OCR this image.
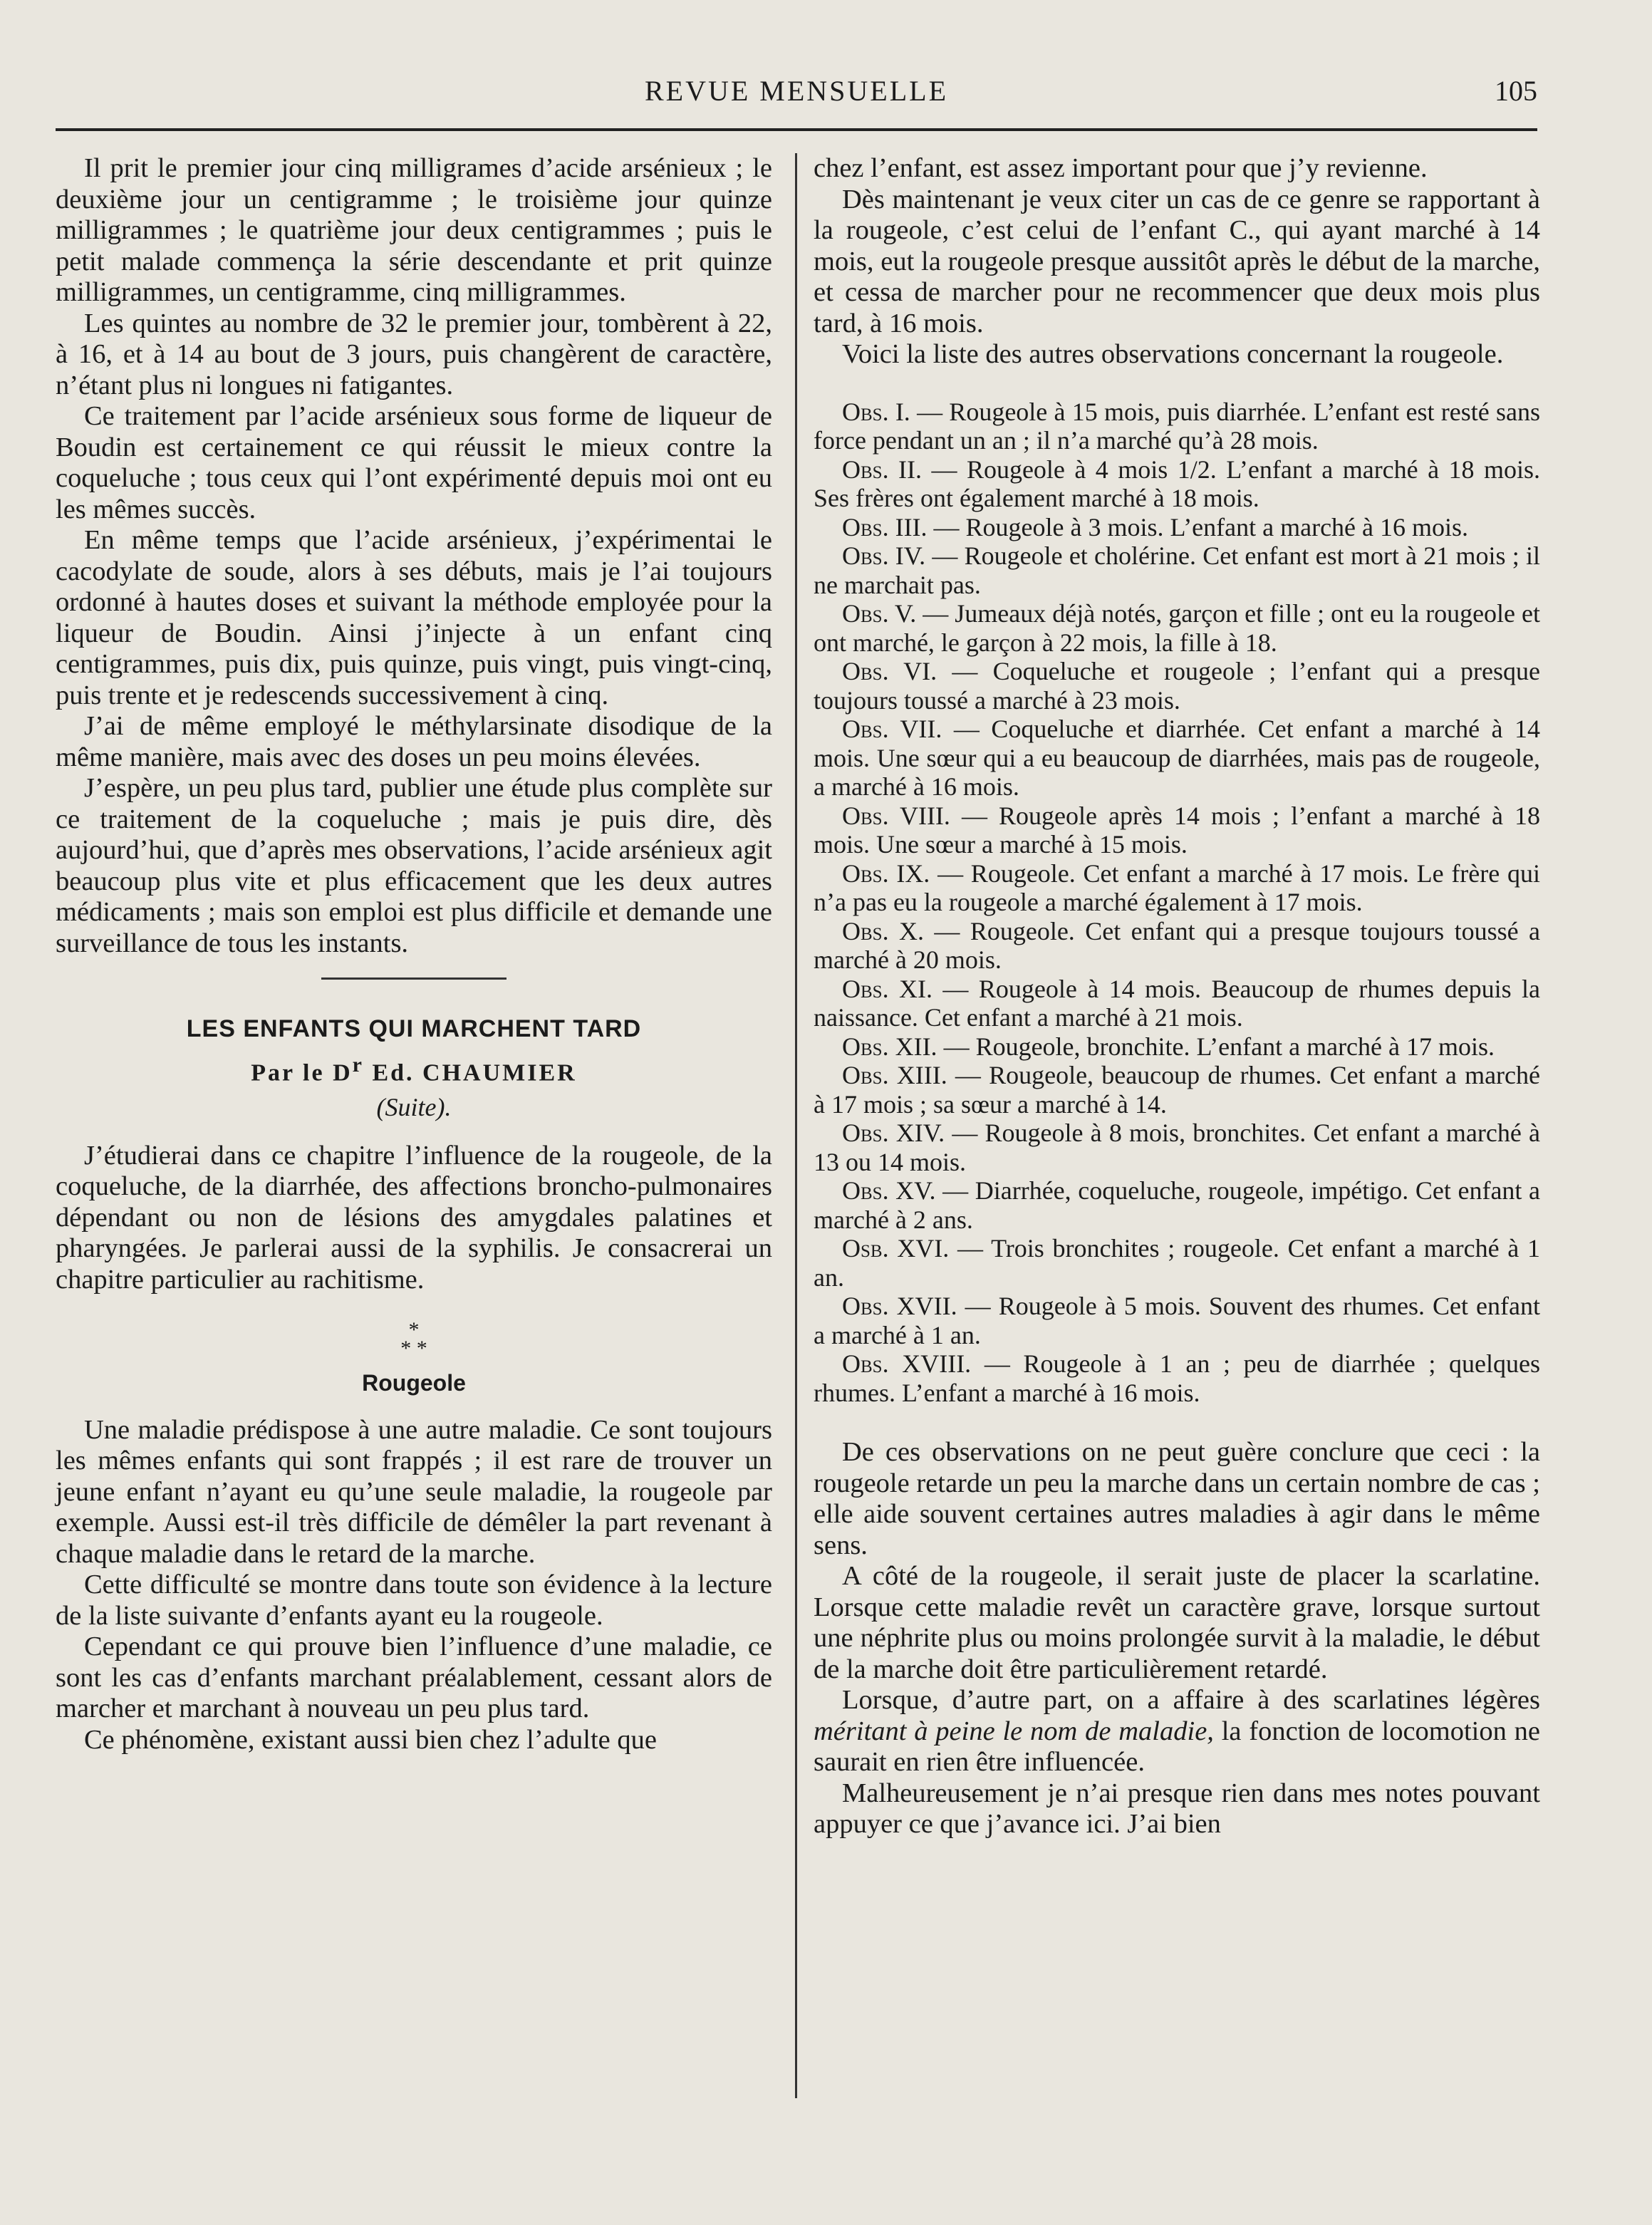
REVUE MENSUELLE	105

Il prit le premier jour cinq milligrames d’acide arsénieux ; le deuxième jour un centigramme ; le troisième jour quinze milligrammes ; le quatrième jour deux centigrammes ; puis le petit malade commença la série descendante et prit quinze milligrammes, un centigramme, cinq milligrammes.

Les quintes au nombre de 32 le premier jour, tombèrent à 22, à 16, et à 14 au bout de 3 jours, puis changèrent de caractère, n’étant plus ni longues ni fatigantes.

Ce traitement par l’acide arsénieux sous forme de liqueur de Boudin est certainement ce qui réussit le mieux contre la coqueluche ; tous ceux qui l’ont expérimenté depuis moi ont eu les mêmes succès.

En même temps que l’acide arsénieux, j’expérimentai le cacodylate de soude, alors à ses débuts, mais je l’ai toujours ordonné à hautes doses et suivant la méthode employée pour la liqueur de Boudin. Ainsi j’injecte à un enfant cinq centigrammes, puis dix, puis quinze, puis vingt, puis vingt-cinq, puis trente et je redescends successivement à cinq.

J’ai de même employé le méthylarsinate disodique de la même manière, mais avec des doses un peu moins élevées.

J’espère, un peu plus tard, publier une étude plus complète sur ce traitement de la coqueluche ; mais je puis dire, dès aujourd’hui, que d’après mes observations, l’acide arsénieux agit beaucoup plus vite et plus efficacement que les deux autres médicaments ; mais son emploi est plus difficile et demande une surveillance de tous les instants.

LES ENFANTS QUI MARCHENT TARD
Par le $D^r$ Ed. CHAUMIER
(Suite).

J’étudierai dans ce chapitre l’influence de la rougeole, de la coqueluche, de la diarrhée, des affections broncho-pulmonaires dépendant ou non de lésions des amygdales palatines et pharyngées. Je parlerai aussi de la syphilis. Je consacrerai un chapitre particulier au rachitisme.

*
* *
Rougeole

Une maladie prédispose à une autre maladie. Ce sont toujours les mêmes enfants qui sont frappés ; il est rare de trouver un jeune enfant n’ayant eu qu’une seule maladie, la rougeole par exemple. Aussi est-il très difficile de démêler la part revenant à chaque maladie dans le retard de la marche.

Cette difficulté se montre dans toute son évidence à la lecture de la liste suivante d’enfants ayant eu la rougeole.

Cependant ce qui prouve bien l’influence d’une maladie, ce sont les cas d’enfants marchant préalablement, cessant alors de marcher et marchant à nouveau un peu plus tard.

Ce phénomène, existant aussi bien chez l’adulte que

chez l’enfant, est assez important pour que j’y revienne.

Dès maintenant je veux citer un cas de ce genre se rapportant à la rougeole, c’est celui de l’enfant C., qui ayant marché à 14 mois, eut la rougeole presque aussitôt après le début de la marche, et cessa de marcher pour ne recommencer que deux mois plus tard, à 16 mois.

Voici la liste des autres observations concernant la rougeole.

Obs. I. — Rougeole à 15 mois, puis diarrhée. L’enfant est resté sans force pendant un an ; il n’a marché qu’à 28 mois.

Obs. II. — Rougeole à 4 mois 1/2. L’enfant a marché à 18 mois. Ses frères ont également marché à 18 mois.

Obs. III. — Rougeole à 3 mois. L’enfant a marché à 16 mois.

Obs. IV. — Rougeole et cholérine. Cet enfant est mort à 21 mois ; il ne marchait pas.

Obs. V. — Jumeaux déjà notés, garçon et fille ; ont eu la rougeole et ont marché, le garçon à 22 mois, la fille à 18.

Obs. VI. — Coqueluche et rougeole ; l’enfant qui a presque toujours toussé a marché à 23 mois.

Obs. VII. — Coqueluche et diarrhée. Cet enfant a marché à 14 mois. Une sœur qui a eu beaucoup de diarrhées, mais pas de rougeole, a marché à 16 mois.

Obs. VIII. — Rougeole après 14 mois ; l’enfant a marché à 18 mois. Une sœur a marché à 15 mois.

Obs. IX. — Rougeole. Cet enfant a marché à 17 mois. Le frère qui n’a pas eu la rougeole a marché également à 17 mois.

Obs. X. — Rougeole. Cet enfant qui a presque toujours toussé a marché à 20 mois.

Obs. XI. — Rougeole à 14 mois. Beaucoup de rhumes depuis la naissance. Cet enfant a marché à 21 mois.

Obs. XII. — Rougeole, bronchite. L’enfant a marché à 17 mois.

Obs. XIII. — Rougeole, beaucoup de rhumes. Cet enfant a marché à 17 mois ; sa sœur a marché à 14.

Obs. XIV. — Rougeole à 8 mois, bronchites. Cet enfant a marché à 13 ou 14 mois.

Obs. XV. — Diarrhée, coqueluche, rougeole, impétigo. Cet enfant a marché à 2 ans.

Osb. XVI. — Trois bronchites ; rougeole. Cet enfant a marché à 1 an.

Obs. XVII. — Rougeole à 5 mois. Souvent des rhumes. Cet enfant a marché à 1 an.

Obs. XVIII. — Rougeole à 1 an ; peu de diarrhée ; quelques rhumes. L’enfant a marché à 16 mois.

De ces observations on ne peut guère conclure que ceci : la rougeole retarde un peu la marche dans un certain nombre de cas ; elle aide souvent certaines autres maladies à agir dans le même sens.

A côté de la rougeole, il serait juste de placer la scarlatine. Lorsque cette maladie revêt un caractère grave, lorsque surtout une néphrite plus ou moins prolongée survit à la maladie, le début de la marche doit être particulièrement retardé.

Lorsque, d’autre part, on a affaire à des scarlatines légères méritant à peine le nom de maladie, la fonction de locomotion ne saurait en rien être influencée.

Malheureusement je n’ai presque rien dans mes notes pouvant appuyer ce que j’avance ici. J’ai bien
